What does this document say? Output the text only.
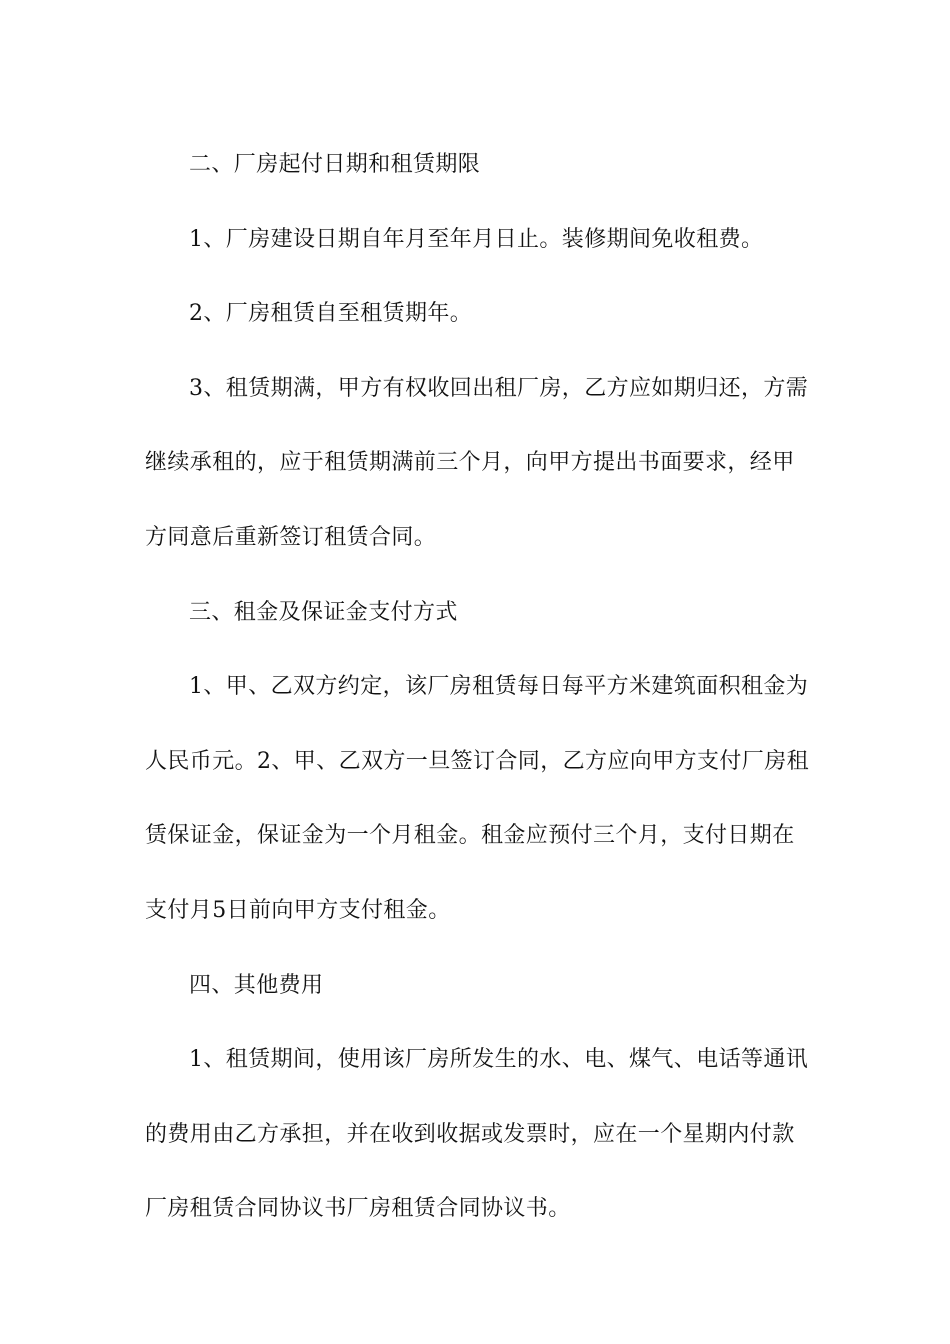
二、厂房起付日期和租赁期限
1、厂房建设日期自年月至年月日止。装修期间免收租费。
2、厂房租赁自至租赁期年。
3、租赁期满，甲方有权收回出租厂房，乙方应如期归还，方需
继续承租的，应于租赁期满前三个月，向甲方提出书面要求，经甲
方同意后重新签订租赁合同。
三、租金及保证金支付方式
1、甲、乙双方约定，该厂房租赁每日每平方米建筑面积租金为
人民币元。2、甲、乙双方一旦签订合同，乙方应向甲方支付厂房租
赁保证金，保证金为一个月租金。租金应预付三个月，支付日期在
支付月5日前向甲方支付租金。
四、其他费用
1、租赁期间，使用该厂房所发生的水、电、煤气、电话等通讯
的费用由乙方承担，并在收到收据或发票时，应在一个星期内付款
厂房租赁合同协议书厂房租赁合同协议书。
